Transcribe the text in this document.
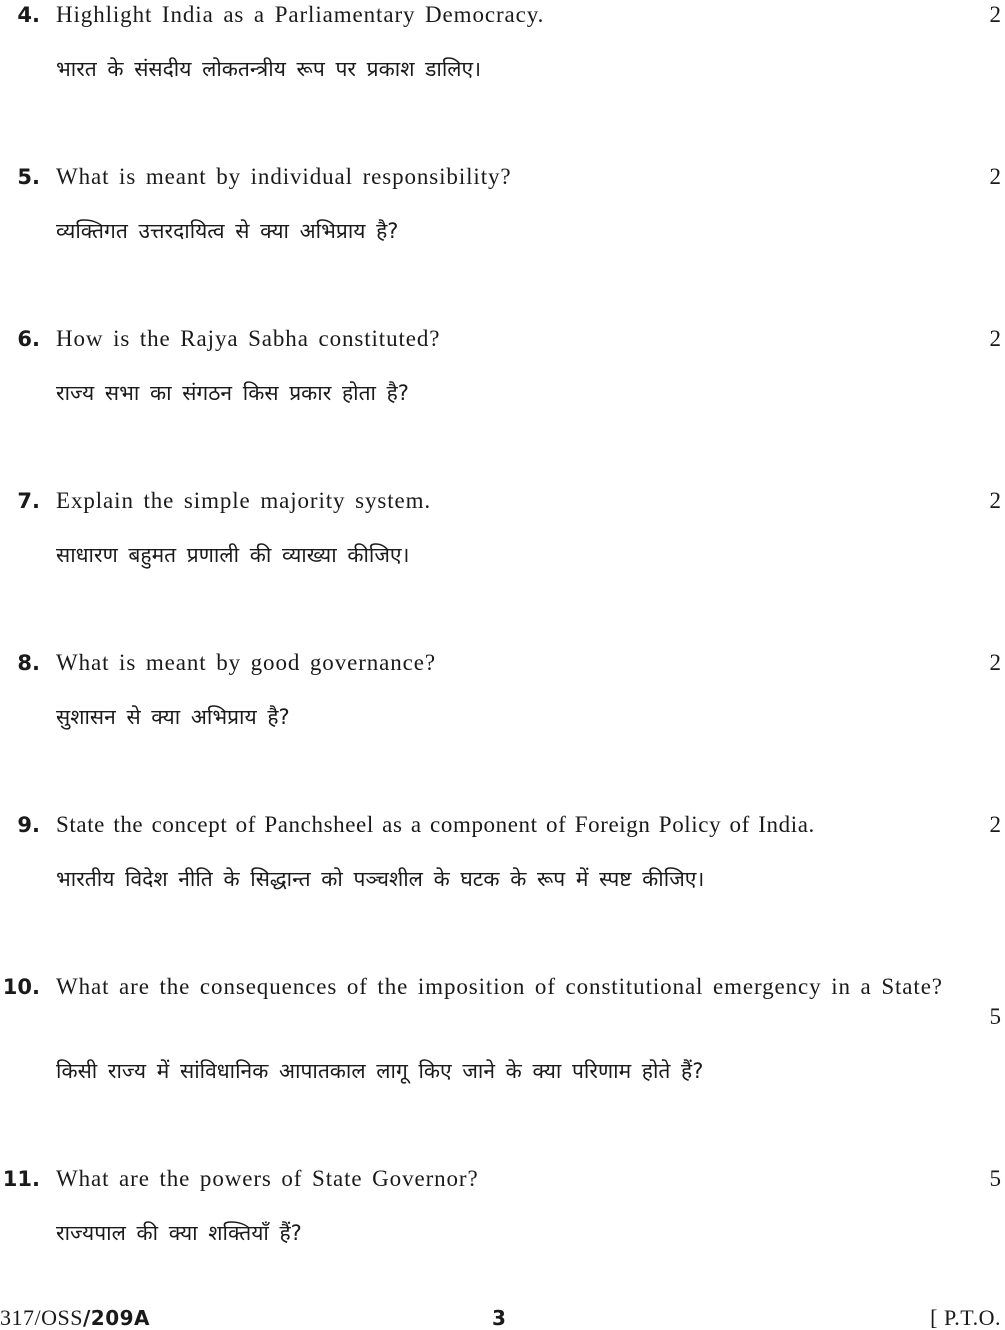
4. Highlight India as a Parliamentary Democracy.	2
भारत के संसदीय लोकतन्त्रीय रूप पर प्रकाश डालिए।
5. What is meant by individual responsibility?	2
व्यक्तिगत उत्तरदायित्व से क्या अभिप्राय है?
6. How is the Rajya Sabha constituted?	2
राज्य सभा का संगठन किस प्रकार होता है?
7. Explain the simple majority system.	2
साधारण बहुमत प्रणाली की व्याख्या कीजिए।
8. What is meant by good governance?	2
सुशासन से क्या अभिप्राय है?
9. State the concept of Panchsheel as a component of Foreign Policy of India.	2
भारतीय विदेश नीति के सिद्धान्त को पञ्चशील के घटक के रूप में स्पष्ट कीजिए।
10. What are the consequences of the imposition of constitutional emergency in a State?
5
किसी राज्य में सांविधानिक आपातकाल लागू किए जाने के क्या परिणाम होते हैं?
11. What are the powers of State Governor?	5
राज्यपाल की क्या शक्तियाँ हैं?
317/OSS/209A	3	[ P.T.O.
